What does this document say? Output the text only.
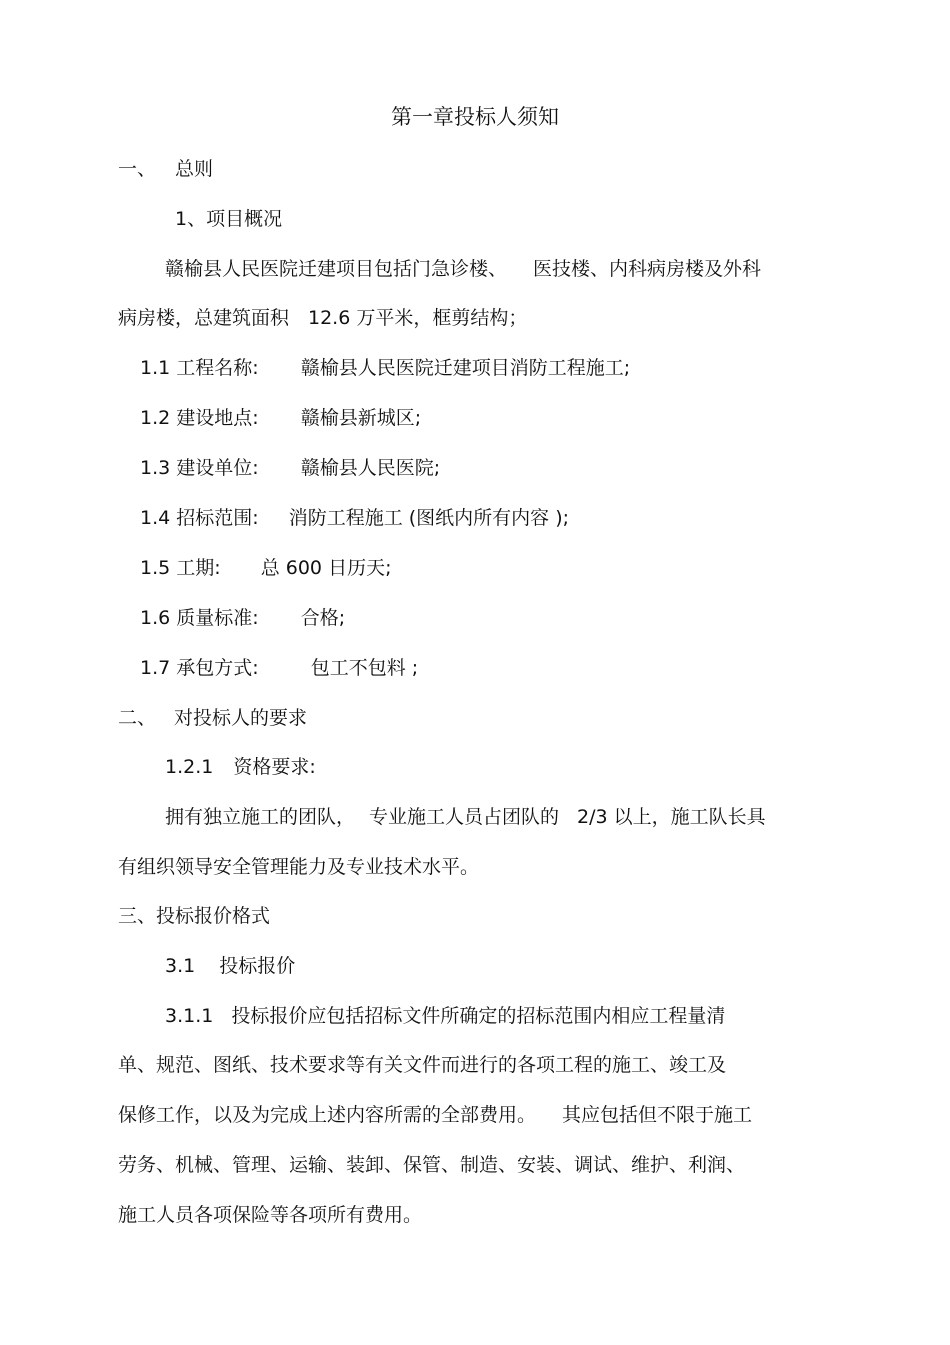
第一章投标人须知
一、 总则
1、项目概况
赣榆县人民医院迁建项目包括门急诊楼、 医技楼、内科病房楼及外科
病房楼，总建筑面积　12.6 万平米，框剪结构；
1.1 工程名称: 赣榆县人民医院迁建项目消防工程施工;
1.2 建设地点: 赣榆县新城区;
1.3 建设单位: 赣榆县人民医院;
1.4 招标范围: 消防工程施工 (图纸内所有内容 );
1.5 工期: 总 600 日历天;
1.6 质量标准: 合格;
1.7 承包方式:	包工不包料 ;
二、 对投标人的要求
1.2.1 资格要求:
拥有独立施工的团队， 专业施工人员占团队的 2/3 以上，施工队长具
有组织领导安全管理能力及专业技术水平。
三、投标报价格式
3.1 投标报价
3.1.1 投标报价应包括招标文件所确定的招标范围内相应工程量清
单、规范、图纸、技术要求等有关文件而进行的各项工程的施工、竣工及
保修工作，以及为完成上述内容所需的全部费用。 其应包括但不限于施工
劳务、机械、管理、运输、装卸、保管、制造、安装、调试、维护、利润、
施工人员各项保险等各项所有费用。
